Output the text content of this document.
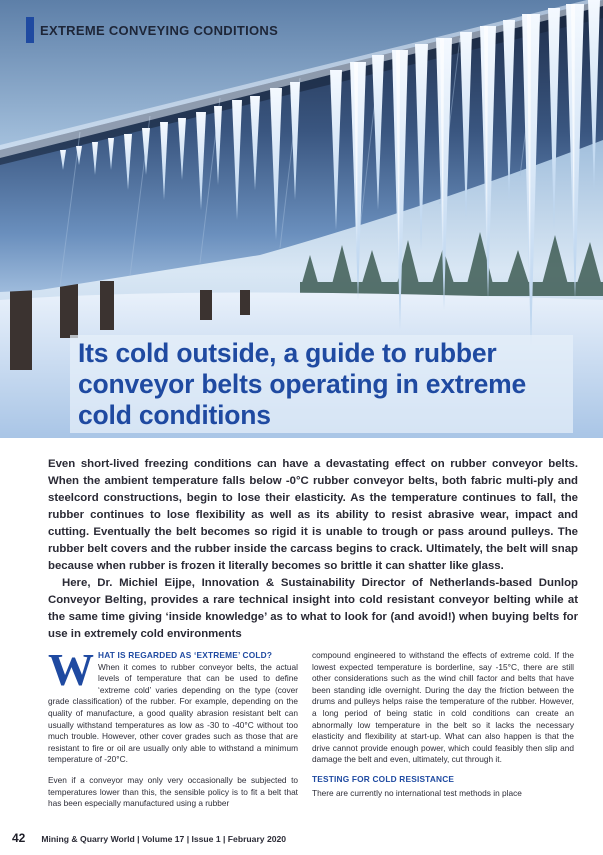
EXTREME CONVEYING CONDITIONS
Its cold outside, a guide to rubber conveyor belts operating in extreme cold conditions

Even short-lived freezing conditions can have a devastating effect on rubber conveyor belts. When the ambient temperature falls below -0°C rubber conveyor belts, both fabric multi-ply and steelcord constructions, begin to lose their elasticity. As the temperature continues to fall, the rubber continues to lose flexibility as well as its ability to resist abrasive wear, impact and cutting. Eventually the belt becomes so rigid it is unable to trough or pass around pulleys. The rubber belt covers and the rubber inside the carcass begins to crack. Ultimately, the belt will snap because when rubber is frozen it literally becomes so brittle it can shatter like glass.

Here, Dr. Michiel Eijpe, Innovation & Sustainability Director of Netherlands-based Dunlop Conveyor Belting, provides a rare technical insight into cold resistant conveyor belting while at the same time giving ‘inside knowledge’ as to what to look for (and avoid!) when buying belts for use in extremely cold environments

W HAT IS REGARDED AS ‘EXTREME’ COLD?
When it comes to rubber conveyor belts, the actual levels of temperature that can be used to define ‘extreme cold’ varies depending on the type (cover grade classification) of the rubber. For example, depending on the quality of manufacture, a good quality abrasion resistant belt can usually withstand temperatures as low as -30 to -40°C without too much trouble. However, other cover grades such as those that are resistant to fire or oil are usually only able to withstand a minimum temperature of -20°C.

Even if a conveyor may only very occasionally be subjected to temperatures lower than this, the sensible policy is to fit a belt that has been especially manufactured using a rubber

compound engineered to withstand the effects of extreme cold. If the lowest expected temperature is borderline, say -15°C, there are still other considerations such as the wind chill factor and belts that have been standing idle overnight. During the day the friction between the drums and pulleys helps raise the temperature of the rubber. However, a long period of being static in cold conditions can create an abnormally low temperature in the belt so it lacks the necessary elasticity and flexibility at start-up. What can also happen is that the drive cannot provide enough power, which could feasibly then slip and damage the belt and even, ultimately, cut through it.

TESTING FOR COLD RESISTANCE

There are currently no international test methods in place

42 Mining & Quarry World | Volume 17 | Issue 1 | February 2020
